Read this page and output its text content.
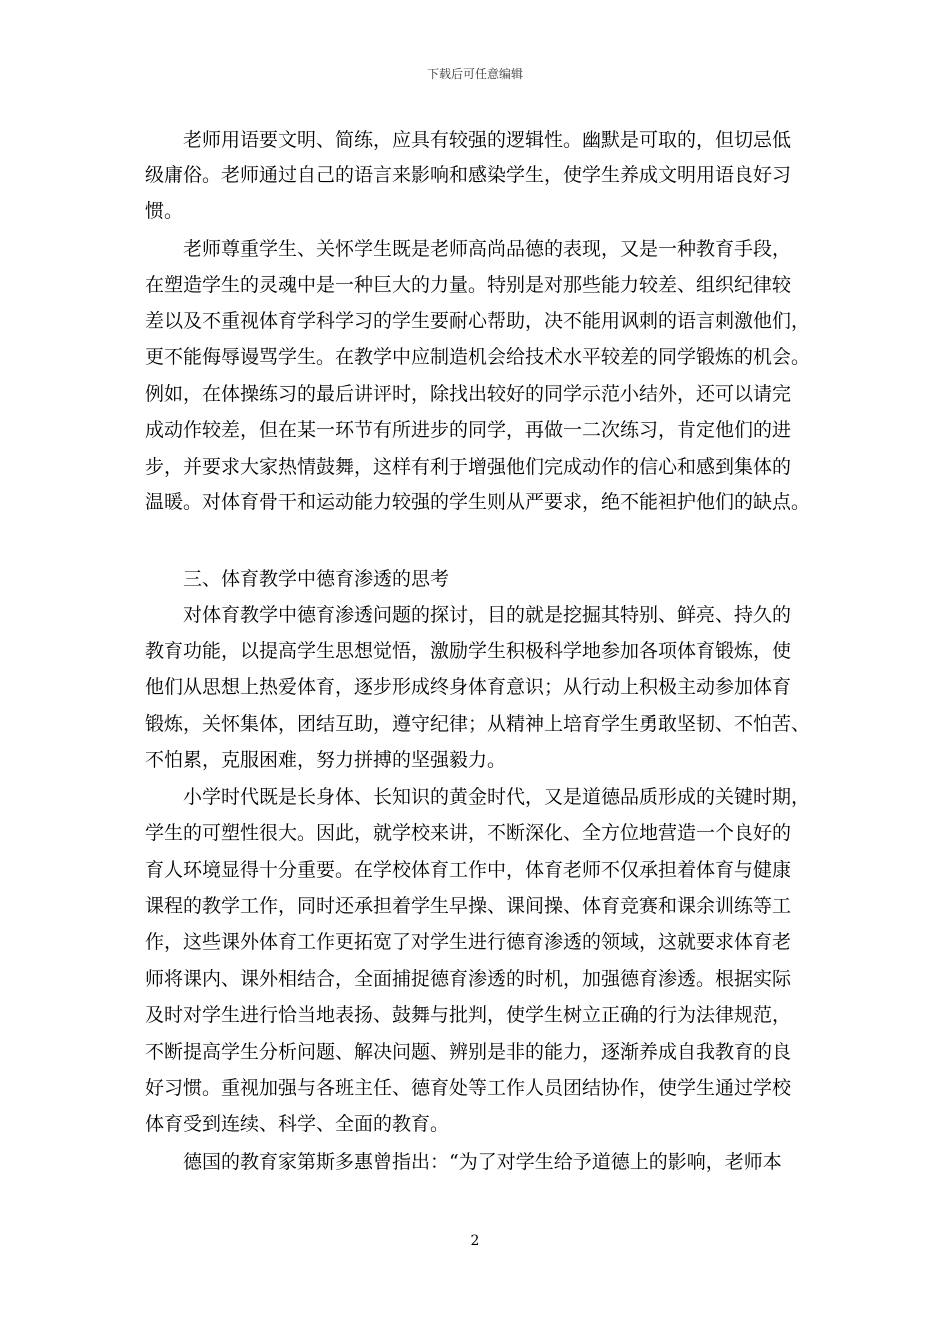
下载后可任意编辑
老师用语要文明、简练，应具有较强的逻辑性。幽默是可取的，但切忌低
级庸俗。老师通过自己的语言来影响和感染学生，使学生养成文明用语良好习
惯。
老师尊重学生、关怀学生既是老师高尚品德的表现，又是一种教育手段，
在塑造学生的灵魂中是一种巨大的力量。特别是对那些能力较差、组织纪律较
差以及不重视体育学科学习的学生要耐心帮助，决不能用讽刺的语言刺激他们，
更不能侮辱谩骂学生。在教学中应制造机会给技术水平较差的同学锻炼的机会。
例如，在体操练习的最后讲评时，除找出较好的同学示范小结外，还可以请完
成动作较差，但在某一环节有所进步的同学，再做一二次练习，肯定他们的进
步，并要求大家热情鼓舞，这样有利于增强他们完成动作的信心和感到集体的
温暖。对体育骨干和运动能力较强的学生则从严要求，绝不能袒护他们的缺点。
三、体育教学中德育渗透的思考
对体育教学中德育渗透问题的探讨，目的就是挖掘其特别、鲜亮、持久的
教育功能，以提高学生思想觉悟，激励学生积极科学地参加各项体育锻炼，使
他们从思想上热爱体育，逐步形成终身体育意识；从行动上积极主动参加体育
锻炼，关怀集体，团结互助，遵守纪律；从精神上培育学生勇敢坚韧、不怕苦、
不怕累，克服困难，努力拼搏的坚强毅力。
小学时代既是长身体、长知识的黄金时代，又是道德品质形成的关键时期，
学生的可塑性很大。因此，就学校来讲，不断深化、全方位地营造一个良好的
育人环境显得十分重要。在学校体育工作中，体育老师不仅承担着体育与健康
课程的教学工作，同时还承担着学生早操、课间操、体育竞赛和课余训练等工
作，这些课外体育工作更拓宽了对学生进行德育渗透的领域，这就要求体育老
师将课内、课外相结合，全面捕捉德育渗透的时机，加强德育渗透。根据实际
及时对学生进行恰当地表扬、鼓舞与批判，使学生树立正确的行为法律规范，
不断提高学生分析问题、解决问题、辨别是非的能力，逐渐养成自我教育的良
好习惯。重视加强与各班主任、德育处等工作人员团结协作，使学生通过学校
体育受到连续、科学、全面的教育。
德国的教育家第斯多惠曾指出：“为了对学生给予道德上的影响，老师本
2
